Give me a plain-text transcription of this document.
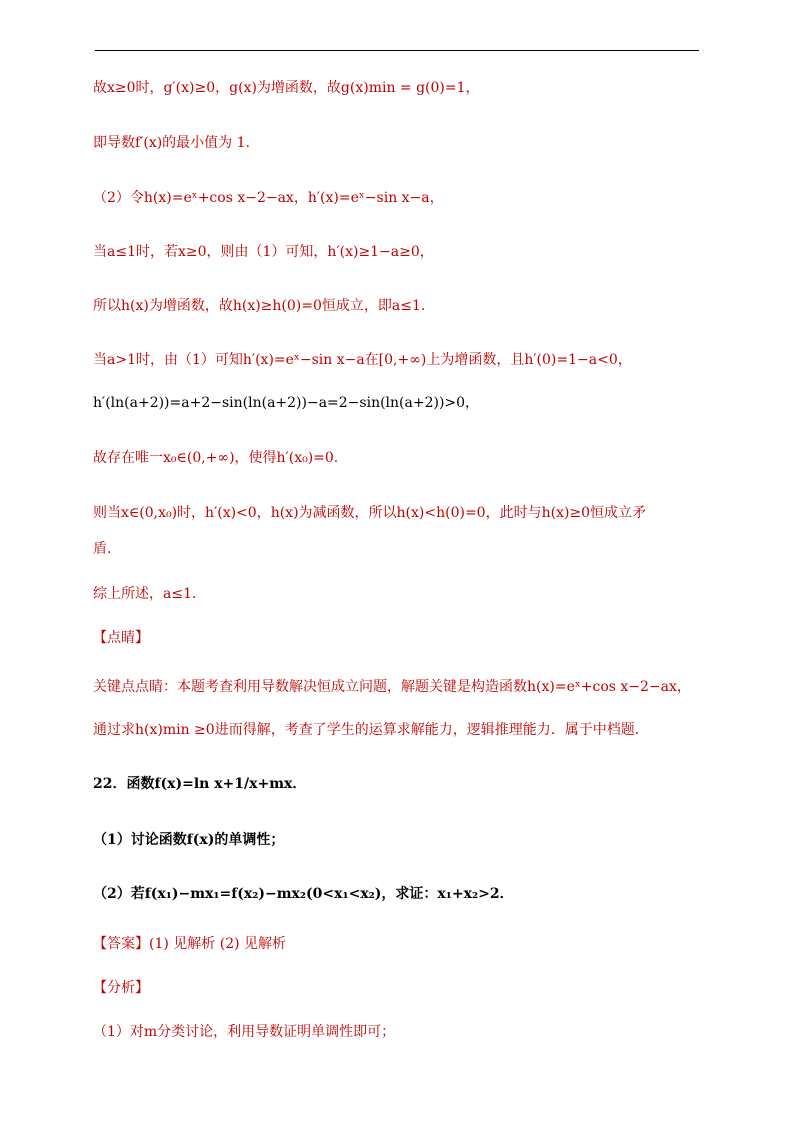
故x≥0时，g′(x)≥0，g(x)为增函数，故g(x)min = g(0)=1，
即导数f′(x)的最小值为 1.
（2）令h(x)=eˣ+cos x−2−ax，h′(x)=eˣ−sin x−a，
当a≤1时，若x≥0，则由（1）可知，h′(x)≥1−a≥0，
所以h(x)为增函数，故h(x)≥h(0)=0恒成立，即a≤1．
当a>1时，由（1）可知h′(x)=eˣ−sin x−a在[0,+∞)上为增函数，且h′(0)=1−a<0，
h′(ln(a+2))=a+2−sin(ln(a+2))−a=2−sin(ln(a+2))>0，
故存在唯一x₀∈(0,+∞)，使得h′(x₀)=0．
则当x∈(0,x₀)时，h′(x)<0，h(x)为减函数，所以h(x)<h(0)=0，此时与h(x)≥0恒成立矛
盾．
综上所述，a≤1．
【点睛】
关键点点睛：本题考查利用导数解决恒成立问题，解题关键是构造函数h(x)=eˣ+cos x−2−ax，
通过求h(x)min ≥0进而得解，考查了学生的运算求解能力，逻辑推理能力．属于中档题．
22．函数f(x)=ln x+1/x+mx．
（1）讨论函数f(x)的单调性；
（2）若f(x₁)−mx₁=f(x₂)−mx₂(0<x₁<x₂)，求证：x₁+x₂>2．
【答案】(1) 见解析 (2) 见解析
【分析】
（1）对m分类讨论，利用导数证明单调性即可；
